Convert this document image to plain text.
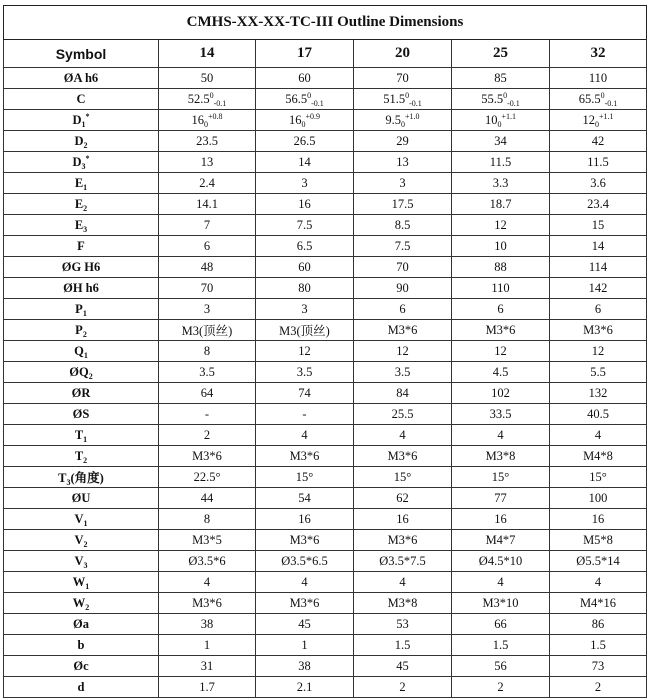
CMHS-XX-XX-TC-III Outline Dimensions					
Symbol	14	17	20	25	32
ØA h6	50	60	70	85	110
C	$52.5^0_{-0.1}$	$56.5^0_{-0.1}$	$51.5^0_{-0.1}$	$55.5^0_{-0.1}$	$65.5^0_{-0.1}$
$D_1^*$	$16_0^{+0.8}$	$16_0^{+0.9}$	$9.5_0^{+1.0}$	$10_0^{+1.1}$	$12_0^{+1.1}$
$D_2$	23.5	26.5	29	34	42
$D_3^*$	13	14	13	11.5	11.5
$E_1$	2.4	3	3	3.3	3.6
$E_2$	14.1	16	17.5	18.7	23.4
$E_3$	7	7.5	8.5	12	15
F	6	6.5	7.5	10	14
ØG H6	48	60	70	88	114
ØH h6	70	80	90	110	142
$P_1$	3	3	6	6	6
$P_2$	M3(顶丝)	M3(顶丝)	M3*6	M3*6	M3*6
$Q_1$	8	12	12	12	12
$ØQ_2$	3.5	3.5	3.5	4.5	5.5
ØR	64	74	84	102	132
ØS	-	-	25.5	33.5	40.5
$T_1$	2	4	4	4	4
$T_2$	M3*6	M3*6	M3*6	M3*8	M4*8
$T_3$(角度)	22.5°	15°	15°	15°	15°
ØU	44	54	62	77	100
$V_1$	8	16	16	16	16
$V_2$	M3*5	M3*6	M3*6	M4*7	M5*8
$V_3$	Ø3.5*6	Ø3.5*6.5	Ø3.5*7.5	Ø4.5*10	Ø5.5*14
$W_1$	4	4	4	4	4
$W_2$	M3*6	M3*6	M3*8	M3*10	M4*16
Øa	38	45	53	66	86
b	1	1	1.5	1.5	1.5
Øc	31	38	45	56	73
d	1.7	2.1	2	2	2
